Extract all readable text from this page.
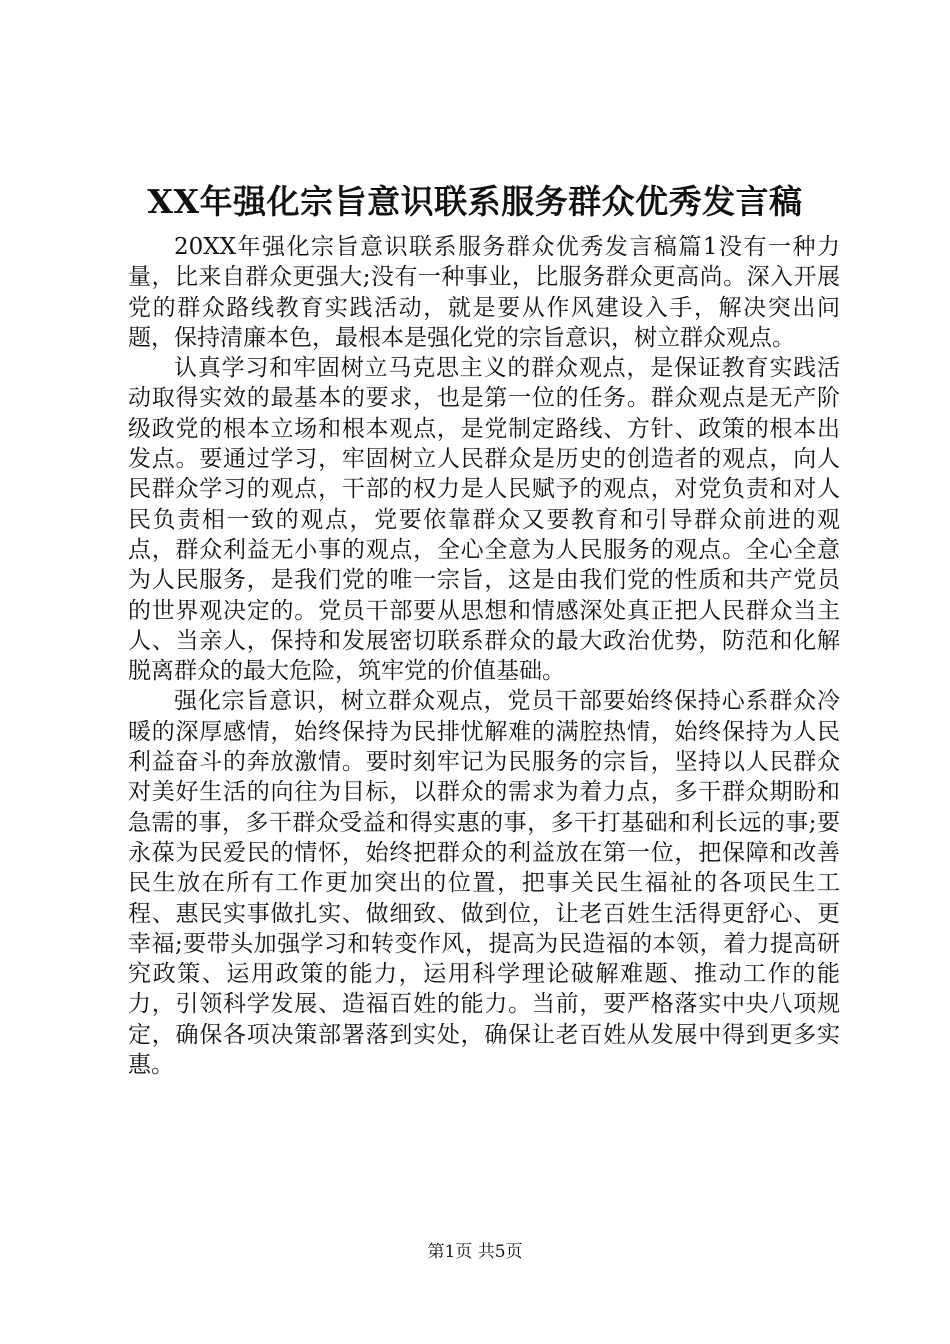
XX年强化宗旨意识联系服务群众优秀发言稿

20XX年强化宗旨意识联系服务群众优秀发言稿篇1没有一种力量，比来自群众更强大;没有一种事业，比服务群众更高尚。深入开展党的群众路线教育实践活动，就是要从作风建设入手，解决突出问题，保持清廉本色，最根本是强化党的宗旨意识，树立群众观点。

认真学习和牢固树立马克思主义的群众观点，是保证教育实践活动取得实效的最基本的要求，也是第一位的任务。群众观点是无产阶级政党的根本立场和根本观点，是党制定路线、方针、政策的根本出发点。要通过学习，牢固树立人民群众是历史的创造者的观点，向人民群众学习的观点，干部的权力是人民赋予的观点，对党负责和对人民负责相一致的观点，党要依靠群众又要教育和引导群众前进的观点，群众利益无小事的观点，全心全意为人民服务的观点。全心全意为人民服务，是我们党的唯一宗旨，这是由我们党的性质和共产党员的世界观决定的。党员干部要从思想和情感深处真正把人民群众当主人、当亲人，保持和发展密切联系群众的最大政治优势，防范和化解脱离群众的最大危险，筑牢党的价值基础。

强化宗旨意识，树立群众观点，党员干部要始终保持心系群众冷暖的深厚感情，始终保持为民排忧解难的满腔热情，始终保持为人民利益奋斗的奔放激情。要时刻牢记为民服务的宗旨，坚持以人民群众对美好生活的向往为目标，以群众的需求为着力点，多干群众期盼和急需的事，多干群众受益和得实惠的事，多干打基础和利长远的事;要永葆为民爱民的情怀，始终把群众的利益放在第一位，把保障和改善民生放在所有工作更加突出的位置，把事关民生福祉的各项民生工程、惠民实事做扎实、做细致、做到位，让老百姓生活得更舒心、更幸福;要带头加强学习和转变作风，提高为民造福的本领，着力提高研究政策、运用政策的能力，运用科学理论破解难题、推动工作的能力，引领科学发展、造福百姓的能力。当前，要严格落实中央八项规定，确保各项决策部署落到实处，确保让老百姓从发展中得到更多实惠。

第1页 共5页
